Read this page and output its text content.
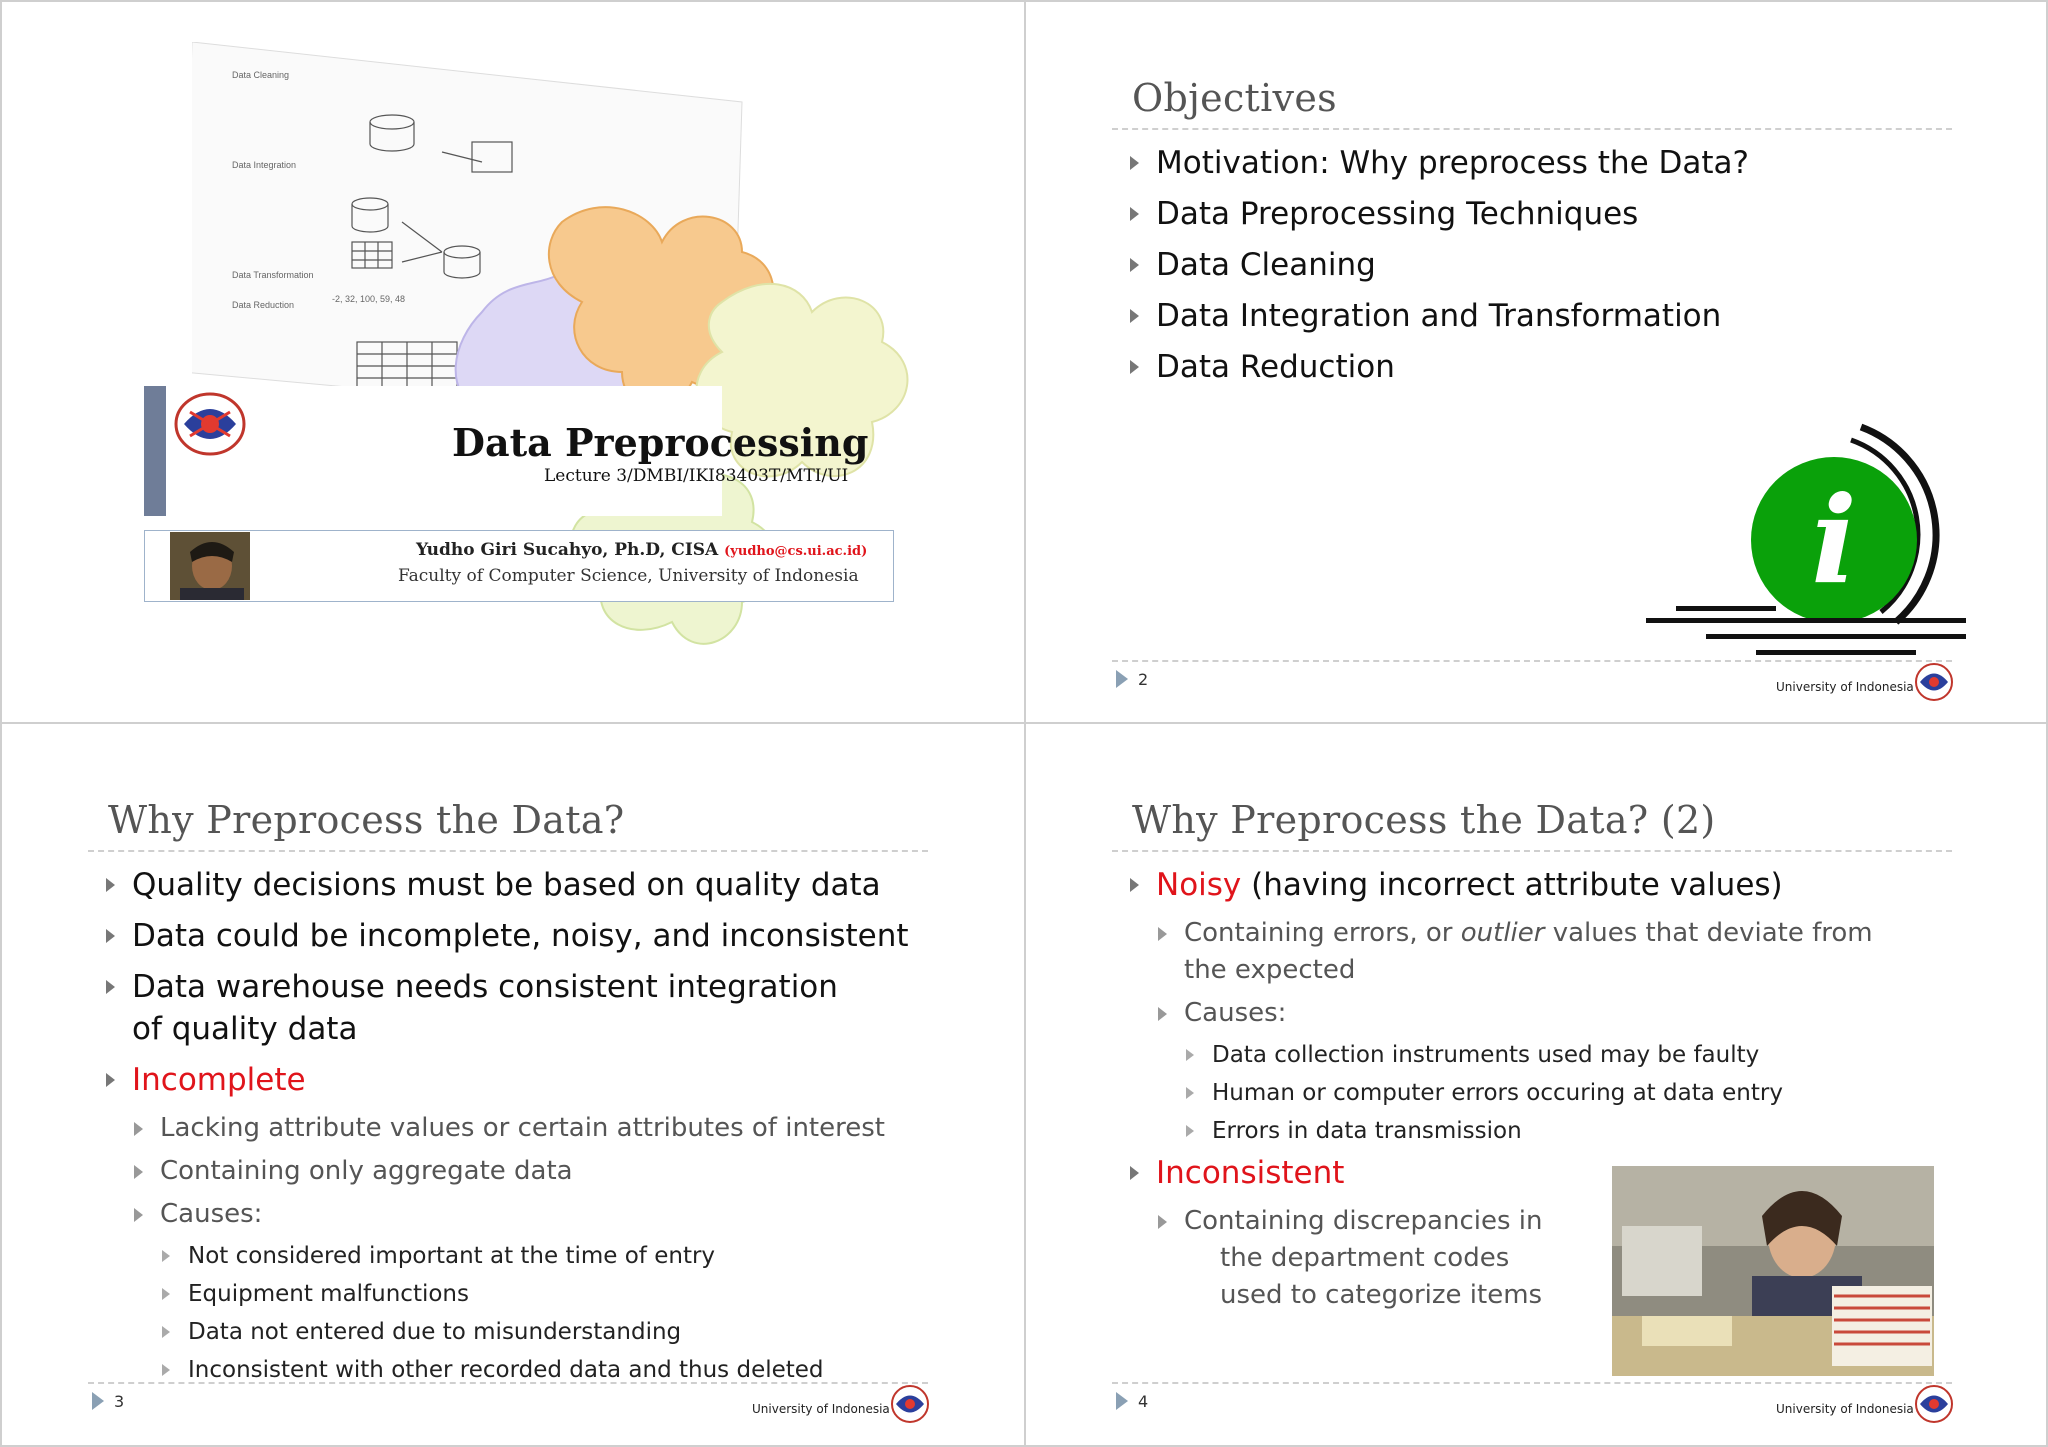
Data Cleaning
Data Integration
Data Transformation
Data Reduction
-2, 32, 100, 59, 48
Data Preprocessing
Lecture 3/DMBI/IKI83403T/MTI/UI
Yudho Giri Sucahyo, Ph.D, CISA (yudho@cs.ui.ac.id)
Faculty of Computer Science, University of Indonesia
Objectives
Motivation: Why preprocess the Data?
Data Preprocessing Techniques
Data Cleaning
Data Integration and Transformation
Data Reduction
i
2	University of Indonesia
Why Preprocess the Data?
Quality decisions must be based on quality data
Data could be incomplete, noisy, and inconsistent
Data warehouse needs consistent integration of quality data
Incomplete
Lacking attribute values or certain attributes of interest
Containing only aggregate data
Causes:
Not considered important at the time of entry
Equipment malfunctions
Data not entered due to misunderstanding
Inconsistent with other recorded data and thus deleted
3	University of Indonesia
Why Preprocess the Data? (2)
Noisy (having incorrect attribute values)
Containing errors, or outlier values that deviate from the expected
Causes:
Data collection instruments used may be faulty
Human or computer errors occuring at data entry
Errors in data transmission
Inconsistent
Containing discrepancies in
the department codes
used to categorize items
4	University of Indonesia
